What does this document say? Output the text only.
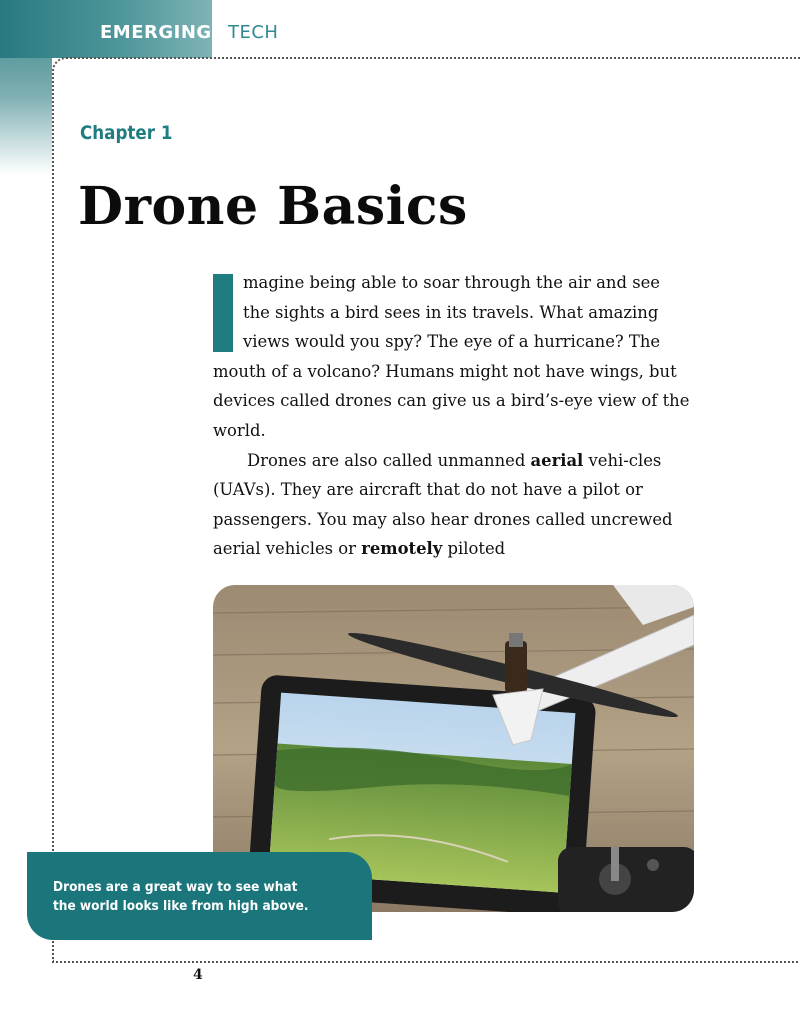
EMERGING TECH
Chapter 1
Drone Basics

magine being able to soar through the air and see the sights a bird sees in its travels. What amazing views would you spy? The eye of a hurricane? The mouth of a volcano? Humans might not have wings, but devices called drones can give us a bird’s-eye view of the world.

Drones are also called unmanned aerial vehi-cles (UAVs). They are aircraft that do not have a pilot or passengers. You may also hear drones called uncrewed aerial vehicles or remotely piloted

Drones are a great way to see what the world looks like from high above.
4
